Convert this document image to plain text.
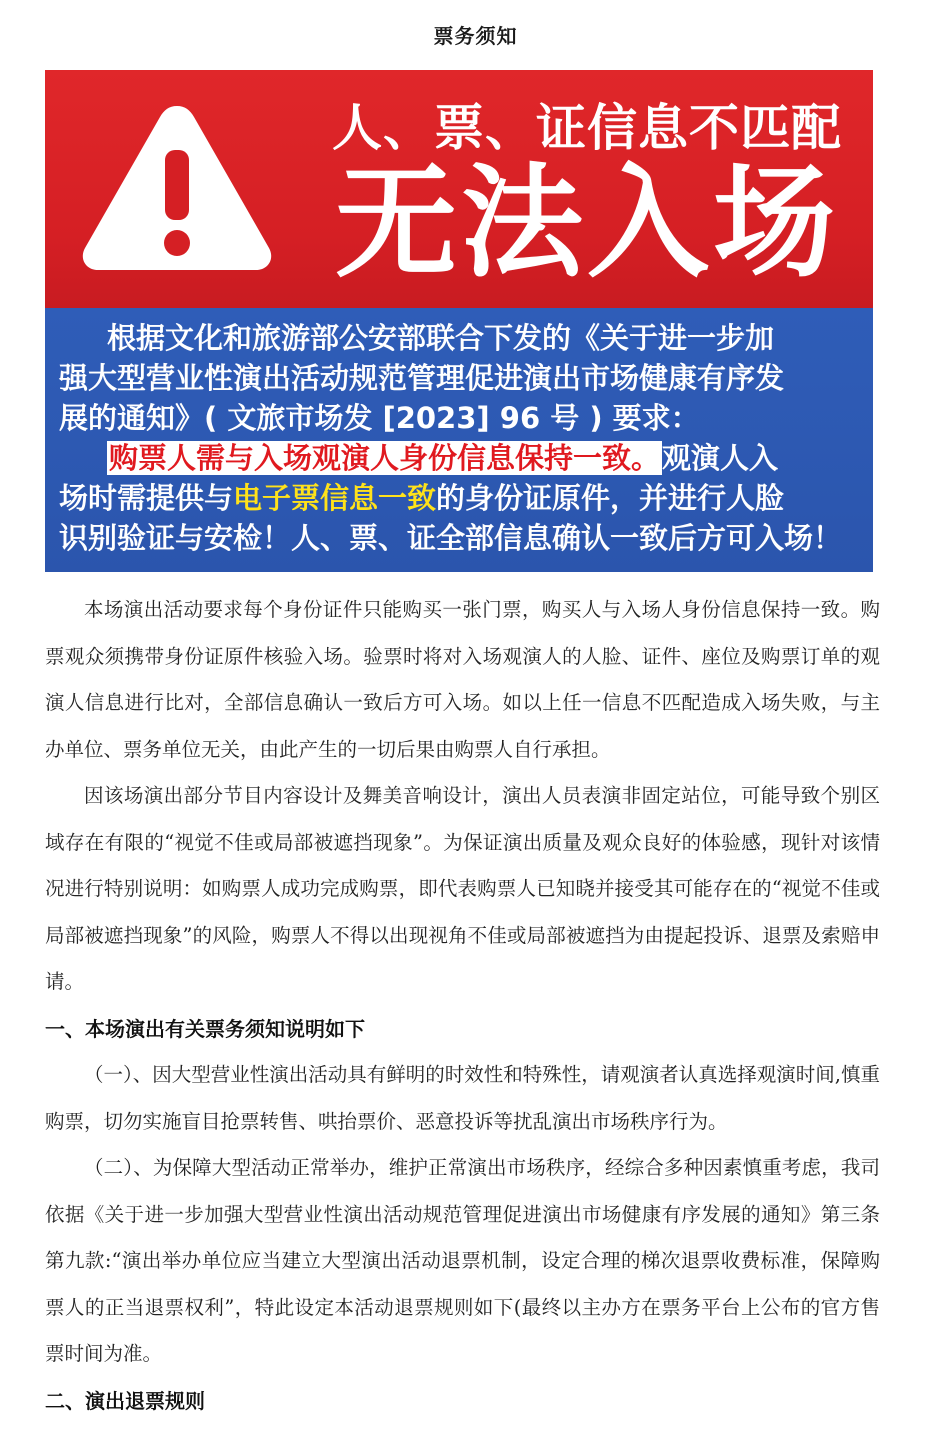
票务须知
人、票、证信息不匹配
无法入场
根据文化和旅游部公安部联合下发的《关于进一步加
强大型营业性演出活动规范管理促进演出市场健康有序发
展的通知》( 文旅市场发 [2023] 96 号 ) 要求：
购票人需与入场观演人身份信息保持一致。观演人入
场时需提供与电子票信息一致的身份证原件，并进行人脸
识别验证与安检！人、票、证全部信息确认一致后方可入场！

本场演出活动要求每个身份证件只能购买一张门票，购买人与入场人身份信息保持一致。购票观众须携带身份证原件核验入场。验票时将对入场观演人的人脸、证件、座位及购票订单的观演人信息进行比对，全部信息确认一致后方可入场。如以上任一信息不匹配造成入场失败，与主办单位、票务单位无关，由此产生的一切后果由购票人自行承担。

因该场演出部分节目内容设计及舞美音响设计，演出人员表演非固定站位，可能导致个别区域存在有限的“视觉不佳或局部被遮挡现象”。为保证演出质量及观众良好的体验感，现针对该情况进行特别说明：如购票人成功完成购票，即代表购票人已知晓并接受其可能存在的“视觉不佳或局部被遮挡现象”的风险，购票人不得以出现视角不佳或局部被遮挡为由提起投诉、退票及索赔申请。

一、本场演出有关票务须知说明如下

（一）、因大型营业性演出活动具有鲜明的时效性和特殊性，请观演者认真选择观演时间,慎重购票，切勿实施盲目抢票转售、哄抬票价、恶意投诉等扰乱演出市场秩序行为。

（二）、为保障大型活动正常举办，维护正常演出市场秩序，经综合多种因素慎重考虑，我司依据《关于进一步加强大型营业性演出活动规范管理促进演出市场健康有序发展的通知》第三条第九款:“演出举办单位应当建立大型演出活动退票机制，设定合理的梯次退票收费标准，保障购票人的正当退票权利”，特此设定本活动退票规则如下(最终以主办方在票务平台上公布的官方售票时间为准。

二、演出退票规则
